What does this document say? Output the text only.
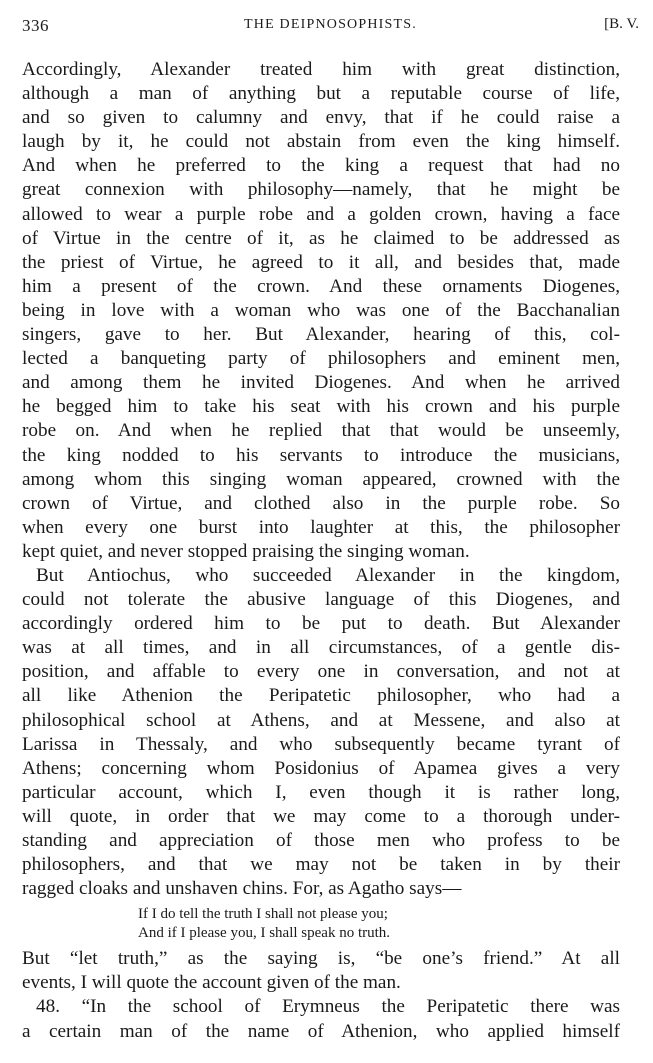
336	THE DEIPNOSOPHISTS.	[B. V.
Accordingly, Alexander treated him with great distinction,
although a man of anything but a reputable course of life,
and so given to calumny and envy, that if he could raise a
laugh by it, he could not abstain from even the king himself.
And when he preferred to the king a request that had no
great connexion with philosophy—namely, that he might be
allowed to wear a purple robe and a golden crown, having a face
of Virtue in the centre of it, as he claimed to be addressed as
the priest of Virtue, he agreed to it all, and besides that, made
him a present of the crown. And these ornaments Diogenes,
being in love with a woman who was one of the Bacchanalian
singers, gave to her. But Alexander, hearing of this, col-
lected a banqueting party of philosophers and eminent men,
and among them he invited Diogenes. And when he arrived
he begged him to take his seat with his crown and his purple
robe on. And when he replied that that would be unseemly,
the king nodded to his servants to introduce the musicians,
among whom this singing woman appeared, crowned with the
crown of Virtue, and clothed also in the purple robe. So
when every one burst into laughter at this, the philosopher
kept quiet, and never stopped praising the singing woman.
But Antiochus, who succeeded Alexander in the kingdom,
could not tolerate the abusive language of this Diogenes, and
accordingly ordered him to be put to death. But Alexander
was at all times, and in all circumstances, of a gentle dis-
position, and affable to every one in conversation, and not at
all like Athenion the Peripatetic philosopher, who had a
philosophical school at Athens, and at Messene, and also at
Larissa in Thessaly, and who subsequently became tyrant of
Athens; concerning whom Posidonius of Apamea gives a very
particular account, which I, even though it is rather long,
will quote, in order that we may come to a thorough under-
standing and appreciation of those men who profess to be
philosophers, and that we may not be taken in by their
ragged cloaks and unshaven chins. For, as Agatho says—
If I do tell the truth I shall not please you;
And if I please you, I shall speak no truth.
But “let truth,” as the saying is, “be one’s friend.” At all
events, I will quote the account given of the man.
48. “In the school of Erymneus the Peripatetic there was
a certain man of the name of Athenion, who applied himself
